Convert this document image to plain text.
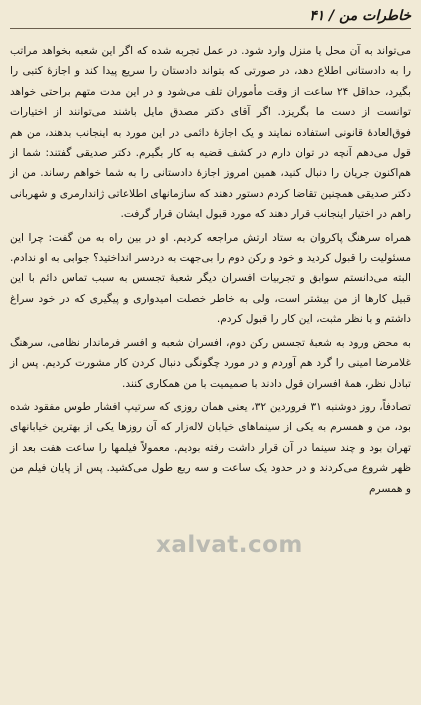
خاطرات من / ۴۱

می‌تواند به آن محل یا منزل وارد شود. در عمل تجربه شده که اگر این شعبه بخواهد مراتب را به دادستانی اطلاع دهد، در صورتی که بتواند دادستان را سریع پیدا کند و اجازهٔ کتبی را بگیرد، حداقل ۲۴ ساعت از وقت مأموران تلف می‌شود و در این مدت متهم براحتی خواهد توانست از دست ما بگریزد. اگر آقای دکتر مصدق مایل باشند می‌توانند از اختیارات فوق‌العادهٔ قانونی استفاده نمایند و یک اجازهٔ دائمی در این مورد به اینجانب بدهند، من هم قول می‌دهم آنچه در توان دارم در کشف قضیه به کار بگیرم. دکتر صدیقی گفتند: شما از هم‌اکنون جریان را دنبال کنید، همین امروز اجازهٔ دادستانی را به شما خواهم رساند. من از دکتر صدیقی همچنین تقاضا کردم دستور دهند که سازمانهای اطلاعاتی ژاندارمری و شهربانی راهم در اختیار اینجانب قرار دهند که مورد قبول ایشان قرار گرفت.

همراه سرهنگ پاکروان به ستاد ارتش مراجعه کردیم. او در بین راه به من گفت: چرا این مسئولیت را قبول کردید و خود و رکن دوم را بی‌جهت به دردسر انداختید؟ جوابی به او ندادم. البته می‌دانستم سوابق و تجربیات افسران دیگر شعبهٔ تجسس به سبب تماس دائم با این قبیل کارها از من بیشتر است، ولی به خاطر خصلت امیدواری و پیگیری که در خود سراغ داشتم و با نظر مثبت، این کار را قبول کردم.

به محض ورود به شعبهٔ تجسس رکن دوم، افسران شعبه و افسر فرماندار نظامی، سرهنگ غلامرضا امینی را گرد هم آوردم و در مورد چگونگی دنبال کردن کار مشورت کردیم. پس از تبادل نظر، همهٔ افسران قول دادند با صمیمیت با من همکاری کنند.

تصادفاً، روز دوشنبه ۳۱ فروردین ۳۲، یعنی همان روزی که سرتیپ افشار طوس مفقود شده بود، من و همسرم به یکی از سینماهای خیابان لاله‌زار که آن روزها یکی از بهترین خیابانهای تهران بود و چند سینما در آن قرار داشت رفته بودیم. معمولاً فیلمها را ساعت هفت بعد از ظهر شروع می‌کردند و در حدود یک ساعت و سه ربع طول می‌کشید. پس از پایان فیلم من و همسرم

xalvat.com
